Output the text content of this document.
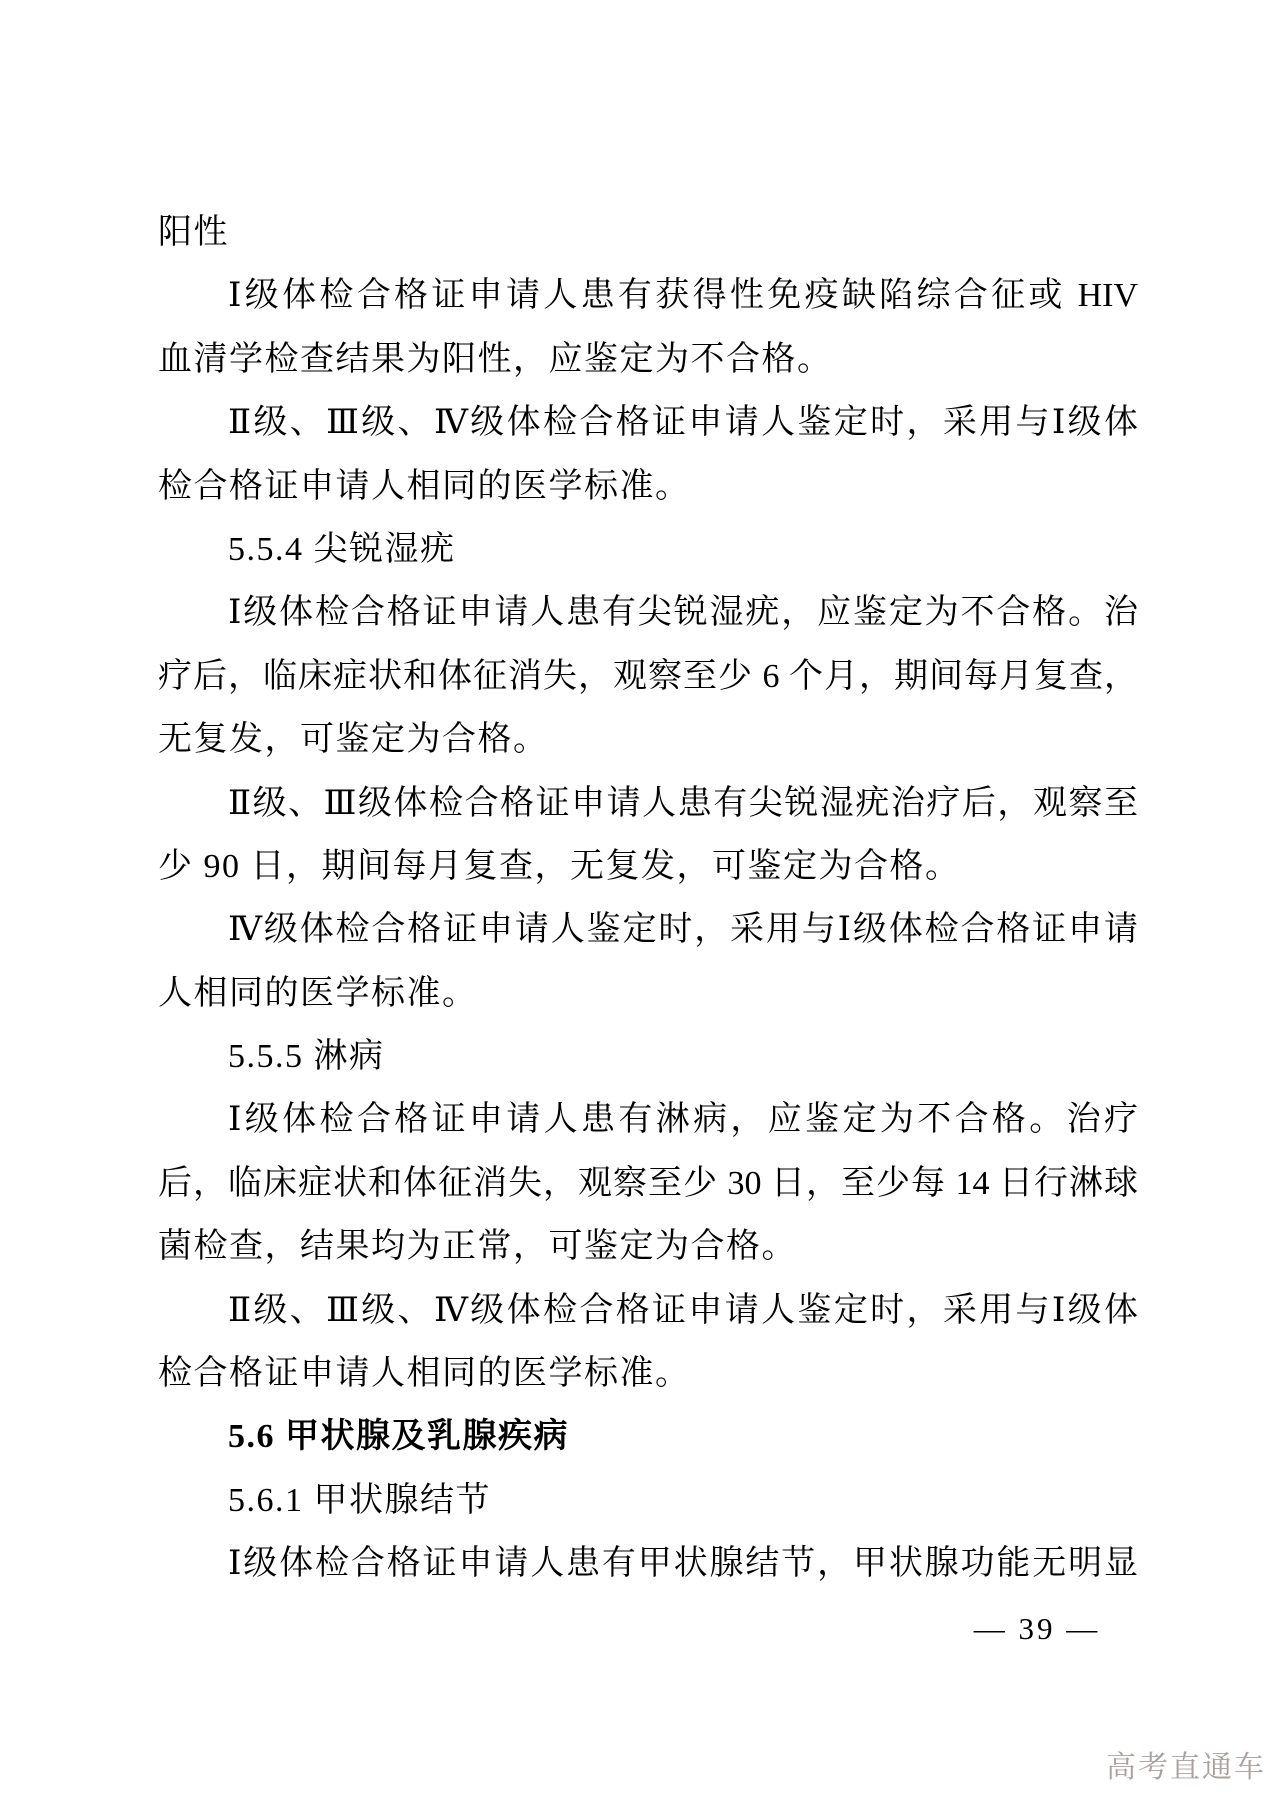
阳性
Ⅰ级体检合格证申请人患有获得性免疫缺陷综合征或 HIV
血清学检查结果为阳性，应鉴定为不合格。
Ⅱ级、Ⅲ级、Ⅳ级体检合格证申请人鉴定时，采用与Ⅰ级体
检合格证申请人相同的医学标准。
5.5.4 尖锐湿疣
Ⅰ级体检合格证申请人患有尖锐湿疣，应鉴定为不合格。治
疗后，临床症状和体征消失，观察至少 6 个月，期间每月复查，
无复发，可鉴定为合格。
Ⅱ级、Ⅲ级体检合格证申请人患有尖锐湿疣治疗后，观察至
少 90 日，期间每月复查，无复发，可鉴定为合格。
Ⅳ级体检合格证申请人鉴定时，采用与Ⅰ级体检合格证申请
人相同的医学标准。
5.5.5 淋病
Ⅰ级体检合格证申请人患有淋病，应鉴定为不合格。治疗
后，临床症状和体征消失，观察至少 30 日，至少每 14 日行淋球
菌检查，结果均为正常，可鉴定为合格。
Ⅱ级、Ⅲ级、Ⅳ级体检合格证申请人鉴定时，采用与Ⅰ级体
检合格证申请人相同的医学标准。
5.6 甲状腺及乳腺疾病
5.6.1 甲状腺结节
Ⅰ级体检合格证申请人患有甲状腺结节，甲状腺功能无明显
— 39 —
高考直通车
